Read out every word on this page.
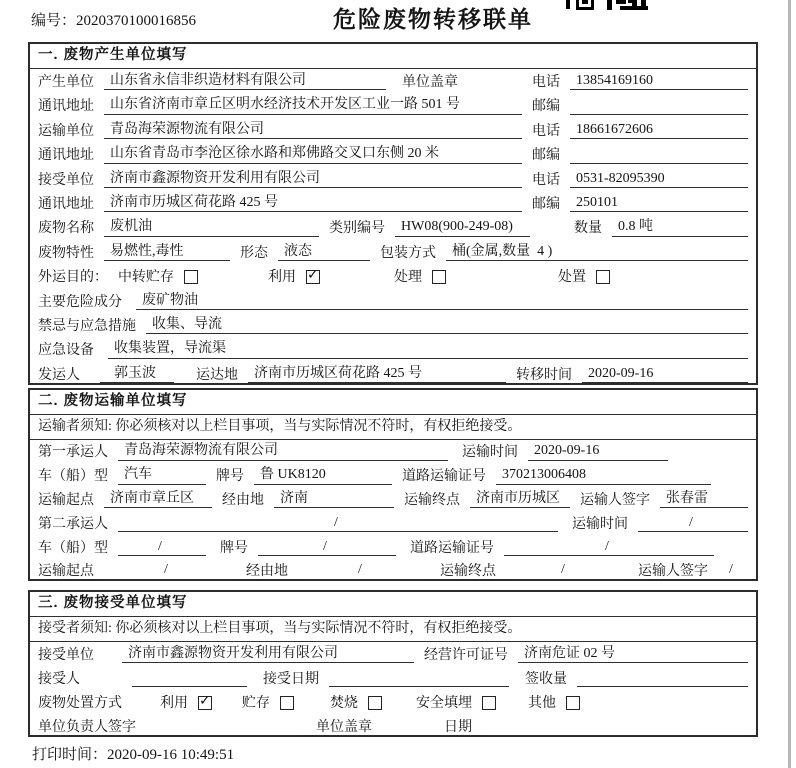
编号：2020370100016856	危险废物转移联单
一. 废物产生单位填写
产生单位	山东省永信非织造材料有限公司	单位盖章	电话	13854169160
通讯地址	山东省济南市章丘区明水经济技术开发区工业一路 501 号	邮编
运输单位	青岛海荣源物流有限公司	电话	18661672606
通讯地址	山东省青岛市李沧区徐水路和郑佛路交叉口东侧 20 米	邮编
接受单位	济南市鑫源物资开发利用有限公司	电话	0531-82095390
通讯地址	济南市历城区荷花路 425 号	邮编	250101
废物名称	废机油	类别编号	HW08(900-249-08)	数量	0.8 吨
废物特性	易燃性,毒性	形态	液态	包装方式	桶(金属,数量  4 )
外运目的： 中转贮存	利用 ✓	处理	处置
主要危险成分	废矿物油
禁忌与应急措施	收集、导流
应急设备	收集装置，导流渠
发运人	郭玉波	运达地	济南市历城区荷花路 425 号	转移时间	2020-09-16
二. 废物运输单位填写
运输者须知: 你必须核对以上栏目事项，当与实际情况不符时，有权拒绝接受。
第一承运人	青岛海荣源物流有限公司	运输时间	2020-09-16
车（船）型	汽车	牌号	鲁 UK8120	道路运输证号	370213006408
运输起点	济南市章丘区	经由地	济南	运输终点	济南市历城区	运输人签字	张春雷
第二承运人	/	运输时间	/
车（船）型	/	牌号	/	道路运输证号	/
运输起点	/	经由地	/	运输终点	/	运输人签字	/
三. 废物接受单位填写
接受者须知: 你必须核对以上栏目事项，当与实际情况不符时，有权拒绝接受。
接受单位	济南市鑫源物资开发利用有限公司	经营许可证号	济南危证 02 号
接受人	接受日期	签收量
废物处置方式	利用 ✓	贮存	焚烧	安全填埋	其他
单位负责人签字	单位盖章	日期
打印时间：2020-09-16 10:49:51
